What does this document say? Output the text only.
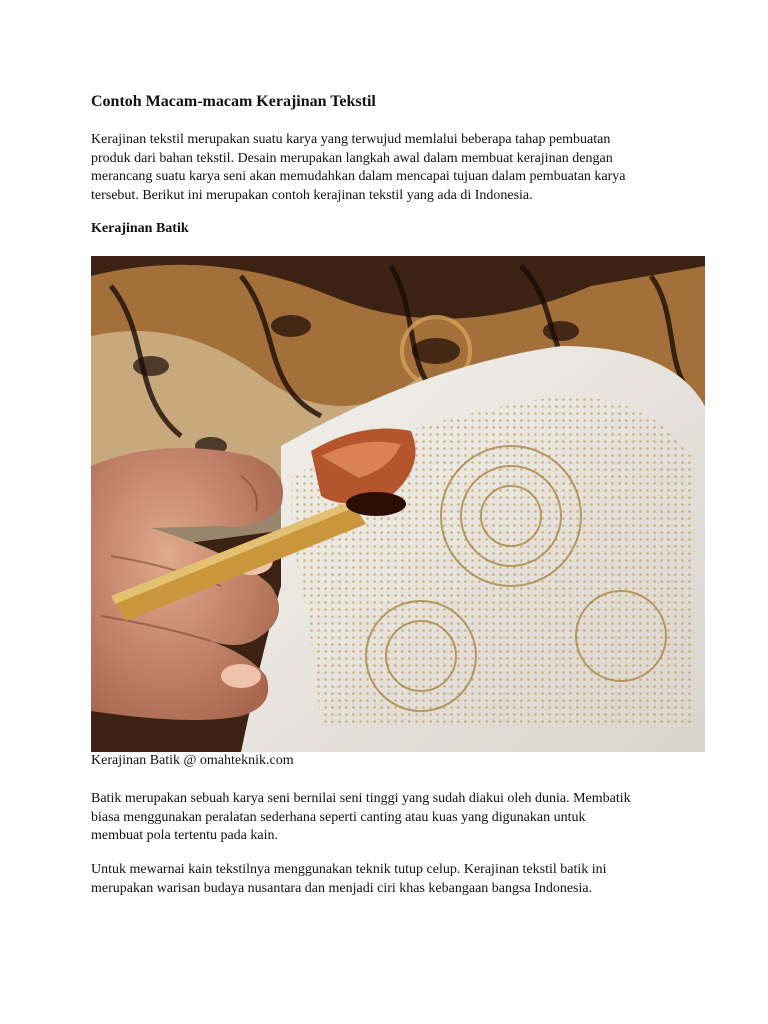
Contoh Macam-macam Kerajinan Tekstil

Kerajinan tekstil merupakan suatu karya yang terwujud memlalui beberapa tahap pembuatan
produk dari bahan tekstil. Desain merupakan langkah awal dalam membuat kerajinan dengan
merancang suatu karya seni akan memudahkan dalam mencapai tujuan dalam pembuatan karya
tersebut. Berikut ini merupakan contoh kerajinan tekstil yang ada di Indonesia.

Kerajinan Batik

Kerajinan Batik @ omahteknik.com

Batik merupakan sebuah karya seni bernilai seni tinggi yang sudah diakui oleh dunia. Membatik
biasa menggunakan peralatan sederhana seperti canting atau kuas yang digunakan untuk
membuat pola tertentu pada kain.

Untuk mewarnai kain tekstilnya menggunakan teknik tutup celup. Kerajinan tekstil batik ini
merupakan warisan budaya nusantara dan menjadi ciri khas kebangaan bangsa Indonesia.
